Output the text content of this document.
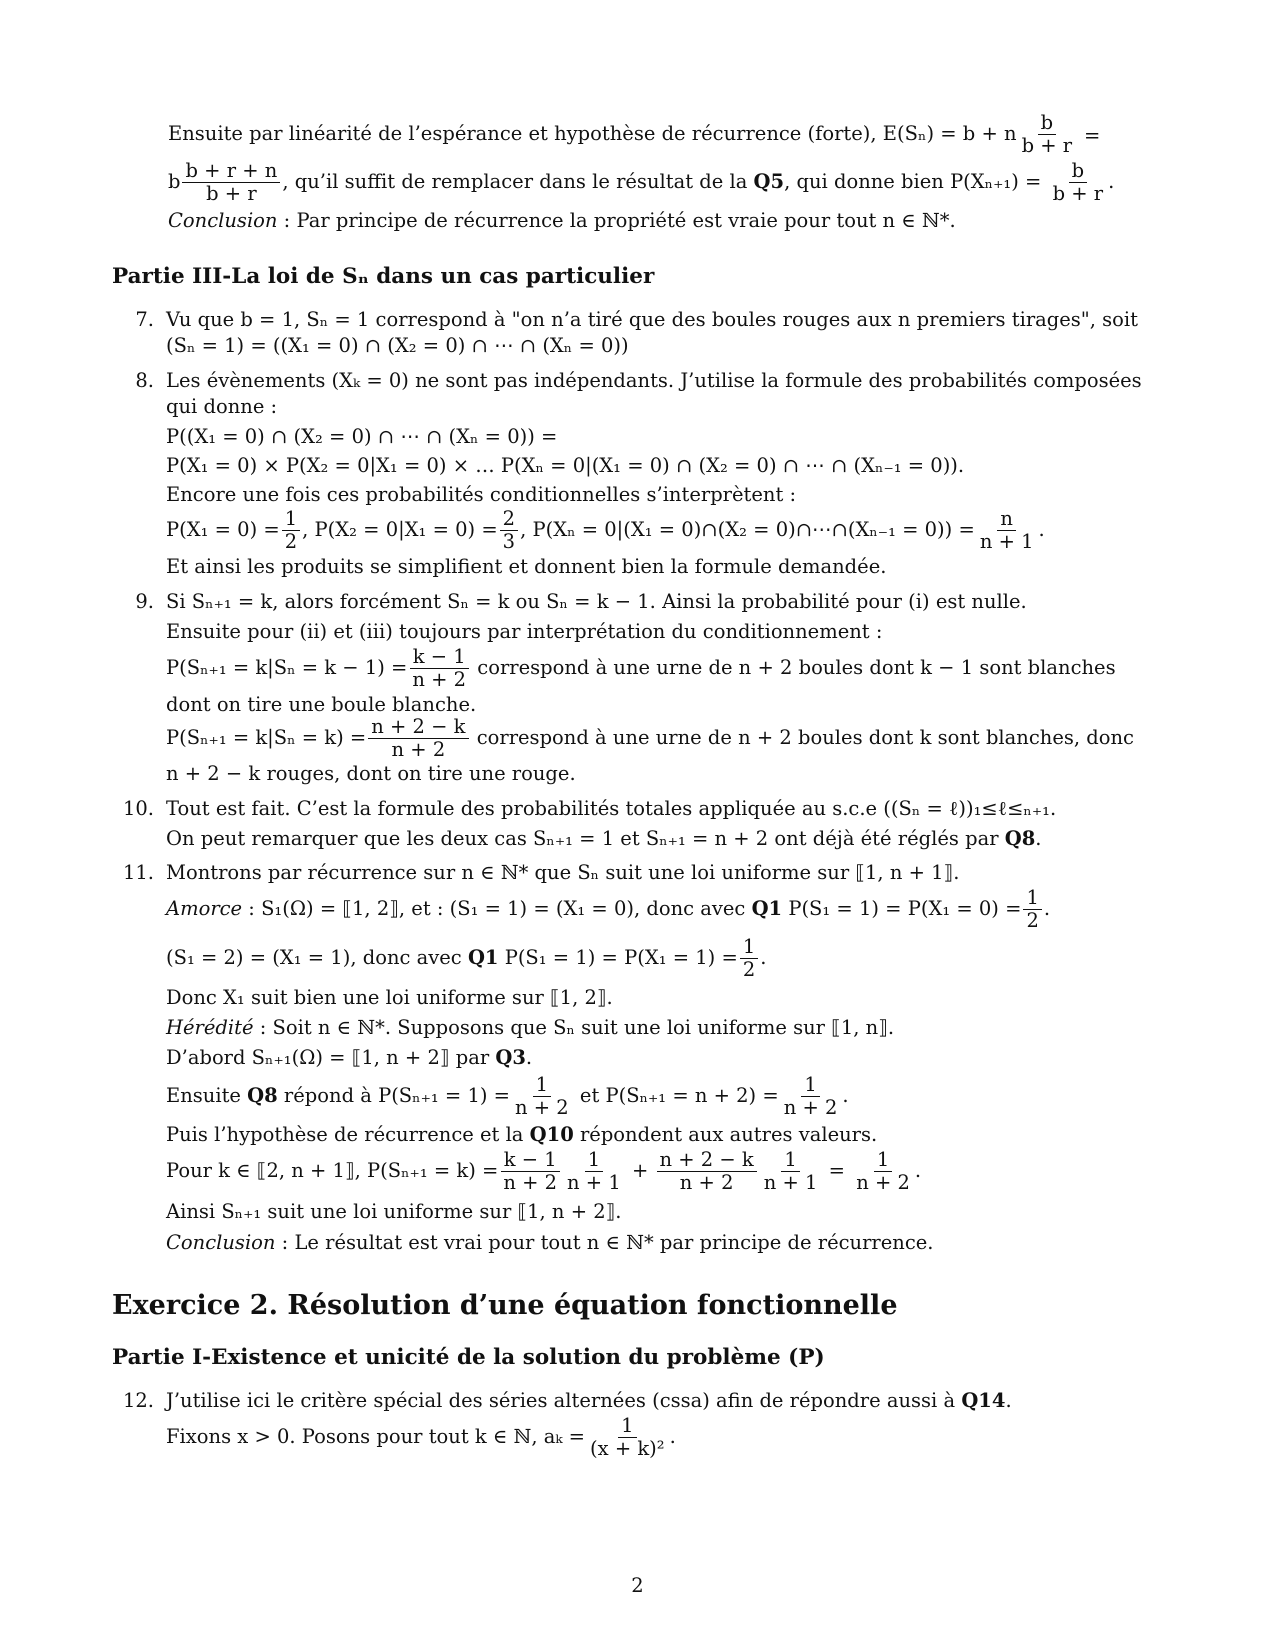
Ensuite par linéarité de l’espérance et hypothèse de récurrence (forte), E(Sₙ) = b + n $\frac{b}{b + r}$ =
b $\frac{b + r + n}{b + r}$ , qu’il suffit de remplacer dans le résultat de la Q5, qui donne bien $P(X_{n+1}) = \frac{b}{b + r}$ .
Conclusion : Par principe de récurrence la propriété est vraie pour tout n ∈ ℕ*.
Partie III-La loi de Sₙ dans un cas particulier
7. Vu que b = 1, Sₙ = 1 correspond à "on n’a tiré que des boules rouges aux n premiers tirages", soit
(Sₙ = 1) = ((X₁ = 0) ∩ (X₂ = 0) ∩ ⋯ ∩ (Xₙ = 0))
8. Les évènements (Xₖ = 0) ne sont pas indépendants. J’utilise la formule des probabilités composées
qui donne :
P((X₁ = 0) ∩ (X₂ = 0) ∩ ⋯ ∩ (Xₙ = 0)) =
P(X₁ = 0) × P(X₂ = 0|X₁ = 0) × … P(Xₙ = 0|(X₁ = 0) ∩ (X₂ = 0) ∩ ⋯ ∩ (Xₙ₋₁ = 0)).
Encore une fois ces probabilités conditionnelles s’interprètent :
$P(X_1 = 0) = \frac{1}{2}$ , $P(X_2 = 0|X_1 = 0) = \frac{2}{3}$ , P(Xₙ = 0|(X₁ = 0)∩(X₂ = 0)∩⋯∩(Xₙ₋₁ = $0)) = \frac{n}{n + 1}$ .
Et ainsi les produits se simplifient et donnent bien la formule demandée.
9. Si Sₙ₊₁ = k, alors forcément Sₙ = k ou Sₙ = k − 1. Ainsi la probabilité pour (i) est nulle.
Ensuite pour (ii) et (iii) toujours par interprétation du conditionnement :
$P(S_{n+1} = k|S_n = k - 1) = \frac{k - 1}{n + 2}$ correspond à une urne de n + 2 boules dont k − 1 sont blanches
dont on tire une boule blanche.
$P(S_{n+1} = k|S_n = k) = \frac{n + 2 - k}{n + 2}$ correspond à une urne de n + 2 boules dont k sont blanches, donc
n + 2 − k rouges, dont on tire une rouge.
10. Tout est fait. C’est la formule des probabilités totales appliquée au s.c.e ((Sₙ = ℓ))₁≤ℓ≤ₙ₊₁.
On peut remarquer que les deux cas Sₙ₊₁ = 1 et Sₙ₊₁ = n + 2 ont déjà été réglés par Q8.
11. Montrons par récurrence sur n ∈ ℕ* que Sₙ suit une loi uniforme sur ⟦1, n + 1⟧.
Amorce : S₁(Ω) = ⟦1, 2⟧, et : (S₁ = 1) = (X₁ = 0), donc avec Q1 $P(S_1 = 1) = P(X_1 = 0) = \frac{1}{2}$ .
(S₁ = 2) = (X₁ = 1), donc avec Q1 $P(S_1 = 1) = P(X_1 = 1) = \frac{1}{2}$ .
Donc X₁ suit bien une loi uniforme sur ⟦1, 2⟧.
Hérédité : Soit n ∈ ℕ*. Supposons que Sₙ suit une loi uniforme sur ⟦1, n⟧.
D’abord Sₙ₊₁(Ω) = ⟦1, n + 2⟧ par Q3.
Ensuite Q8 répond à $P(S_{n+1} = 1) = \frac{1}{n + 2}$ et $P(S_{n+1} = n + 2) = \frac{1}{n + 2}$ .
Puis l’hypothèse de récurrence et la Q10 répondent aux autres valeurs.
Pour k ∈ ⟦2, n + 1⟧, $P(S_{n+1} = k) = \frac{k - 1}{n + 2} \frac{1}{n + 1} + \frac{n + 2 - k}{n + 2} \frac{1}{n + 1} = \frac{1}{n + 2}$ .
Ainsi Sₙ₊₁ suit une loi uniforme sur ⟦1, n + 2⟧.
Conclusion : Le résultat est vrai pour tout n ∈ ℕ* par principe de récurrence.
Exercice 2. Résolution d’une équation fonctionnelle
Partie I-Existence et unicité de la solution du problème (P)
12. J’utilise ici le critère spécial des séries alternées (cssa) afin de répondre aussi à Q14.
Fixons x > 0. Posons pour tout k ∈ ℕ, $a_k = \frac{1}{\text{(x + k)²}}$ .
2
